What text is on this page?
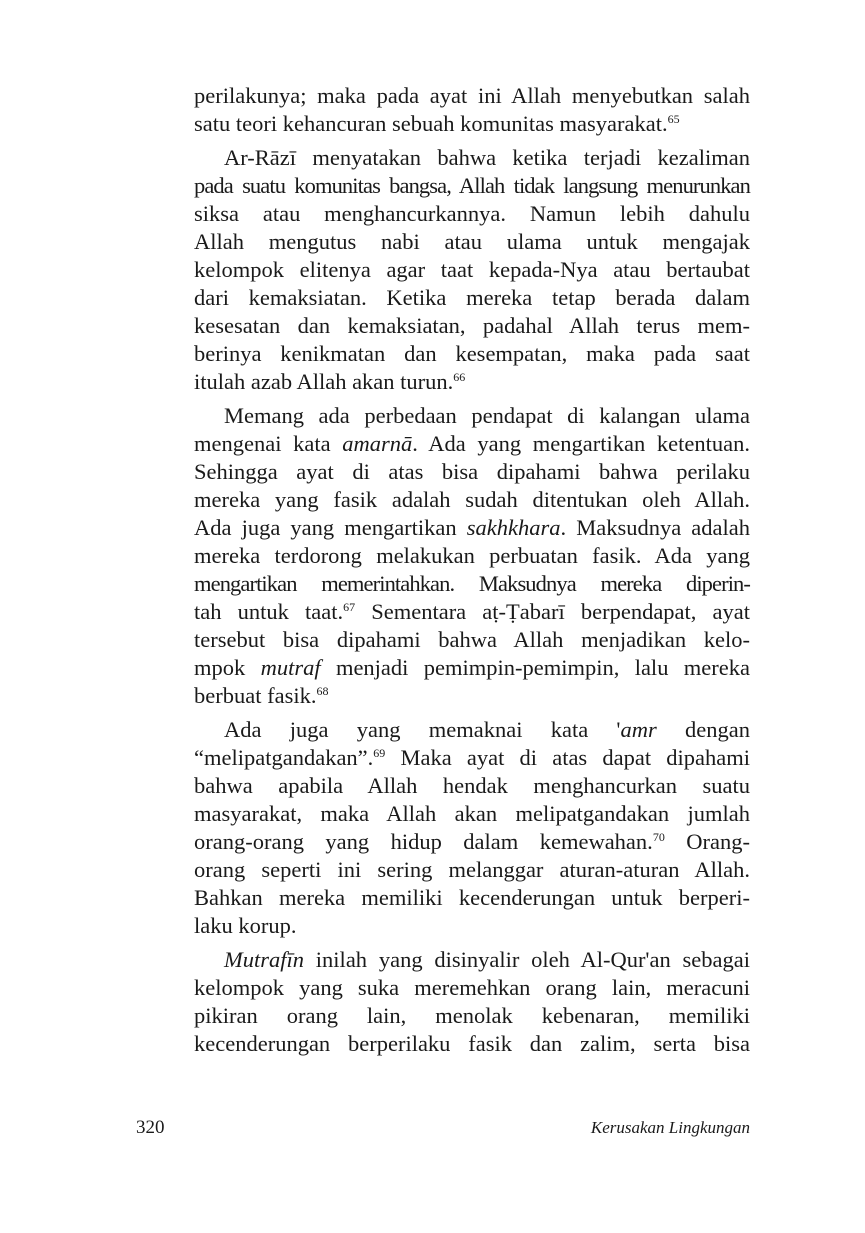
perilakunya; maka pada ayat ini Allah menyebutkan salah
satu teori kehancuran sebuah komunitas masyarakat.$^{65}$
Ar-Rāzī menyatakan bahwa ketika terjadi kezaliman
pada suatu komunitas bangsa, Allah tidak langsung menurunkan
siksa atau menghancurkannya. Namun lebih dahulu
Allah mengutus nabi atau ulama untuk mengajak
kelompok elitenya agar taat kepada-Nya atau bertaubat
dari kemaksiatan. Ketika mereka tetap berada dalam
kesesatan dan kemaksiatan, padahal Allah terus mem-
berinya kenikmatan dan kesempatan, maka pada saat
itulah azab Allah akan turun.$^{66}$
Memang ada perbedaan pendapat di kalangan ulama
mengenai kata amarnā. Ada yang mengartikan ketentuan.
Sehingga ayat di atas bisa dipahami bahwa perilaku
mereka yang fasik adalah sudah ditentukan oleh Allah.
Ada juga yang mengartikan sakhkhara. Maksudnya adalah
mereka terdorong melakukan perbuatan fasik. Ada yang
mengartikan memerintahkan. Maksudnya mereka diperin-
tah untuk taat.$^{67}$ Sementara aṭ-Ṭabarī berpendapat, ayat
tersebut bisa dipahami bahwa Allah menjadikan kelo-
mpok mutraf menjadi pemimpin-pemimpin, lalu mereka
berbuat fasik.$^{68}$
Ada juga yang memaknai kata 'amr dengan
“melipatgandakan”.$^{69}$ Maka ayat di atas dapat dipahami
bahwa apabila Allah hendak menghancurkan suatu
masyarakat, maka Allah akan melipatgandakan jumlah
orang-orang yang hidup dalam kemewahan.$^{70}$ Orang-
orang seperti ini sering melanggar aturan-aturan Allah.
Bahkan mereka memiliki kecenderungan untuk berperi-
laku korup.
Mutrafīn inilah yang disinyalir oleh Al-Qur'an sebagai
kelompok yang suka meremehkan orang lain, meracuni
pikiran orang lain, menolak kebenaran, memiliki
kecenderungan berperilaku fasik dan zalim, serta bisa
320	Kerusakan Lingkungan
